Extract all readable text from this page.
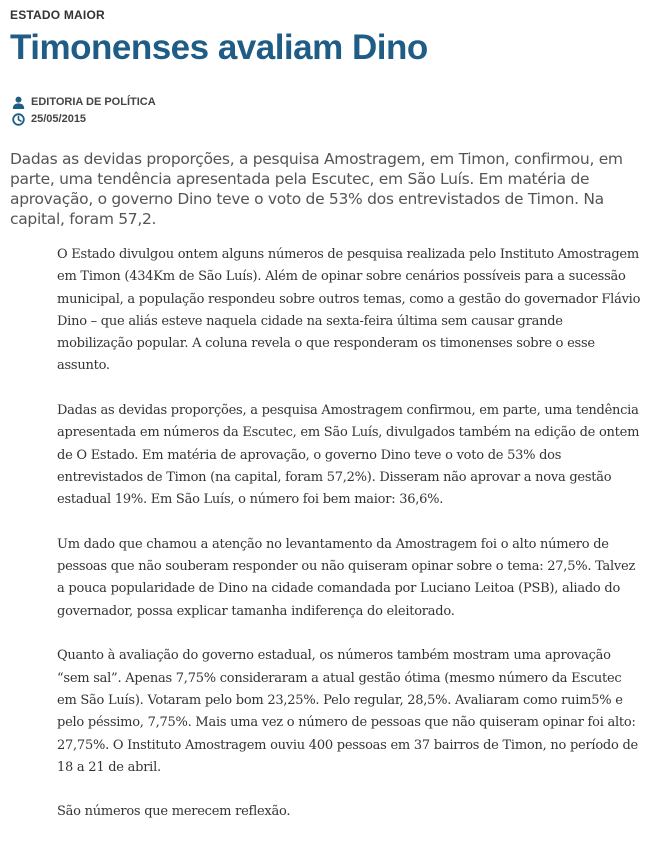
ESTADO MAIOR
Timonenses avaliam Dino
EDITORIA DE POLÍTICA
25/05/2015

Dadas as devidas proporções, a pesquisa Amostragem, em Timon, confirmou, em parte, uma tendência apresentada pela Escutec, em São Luís. Em matéria de aprovação, o governo Dino teve o voto de 53% dos entrevistados de Timon. Na capital, foram 57,2.

O Estado divulgou ontem alguns números de pesquisa realizada pelo Instituto Amostragem em Timon (434Km de São Luís). Além de opinar sobre cenários possíveis para a sucessão municipal, a população respondeu sobre outros temas, como a gestão do governador Flávio Dino – que aliás esteve naquela cidade na sexta-feira última sem causar grande mobilização popular. A coluna revela o que responderam os timonenses sobre o esse assunto.

Dadas as devidas proporções, a pesquisa Amostragem confirmou, em parte, uma tendência apresentada em números da Escutec, em São Luís, divulgados também na edição de ontem de O Estado. Em matéria de aprovação, o governo Dino teve o voto de 53% dos entrevistados de Timon (na capital, foram 57,2%). Disseram não aprovar a nova gestão estadual 19%. Em São Luís, o número foi bem maior: 36,6%.

Um dado que chamou a atenção no levantamento da Amostragem foi o alto número de pessoas que não souberam responder ou não quiseram opinar sobre o tema: 27,5%. Talvez a pouca popularidade de Dino na cidade comandada por Luciano Leitoa (PSB), aliado do governador, possa explicar tamanha indiferença do eleitorado.

Quanto à avaliação do governo estadual, os números também mostram uma aprovação “sem sal”. Apenas 7,75% consideraram a atual gestão ótima (mesmo número da Escutec em São Luís). Votaram pelo bom 23,25%. Pelo regular, 28,5%. Avaliaram como ruim5% e pelo péssimo, 7,75%. Mais uma vez o número de pessoas que não quiseram opinar foi alto: 27,75%. O Instituto Amostragem ouviu 400 pessoas em 37 bairros de Timon, no período de 18 a 21 de abril.

São números que merecem reflexão.
